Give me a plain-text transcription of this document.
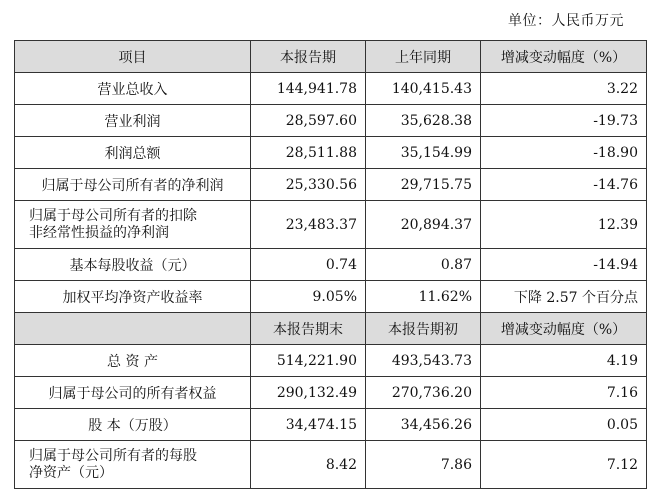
单位：人民币万元
项目	本报告期	上年同期	增减变动幅度（%）
营业总收入	144,941.78	140,415.43	3.22
营业利润	28,597.60	35,628.38	-19.73
利润总额	28,511.88	35,154.99	-18.90
归属于母公司所有者的净利润	25,330.56	29,715.75	-14.76

归属于母公司所有者的扣除
非经常性损益的净利润	23,483.37	20,894.37	12.39
基本每股收益（元）	0.74	0.87	-14.94
加权平均净资产收益率	9.05%	11.62%	下降 2.57 个百分点
	本报告期末	本报告期初	增减变动幅度（%）
总 资 产	514,221.90	493,543.73	4.19
归属于母公司的所有者权益	290,132.49	270,736.20	7.16
股 本（万股）	34,474.15	34,456.26	0.05

归属于母公司所有者的每股
净资产（元）	8.42	7.86	7.12
